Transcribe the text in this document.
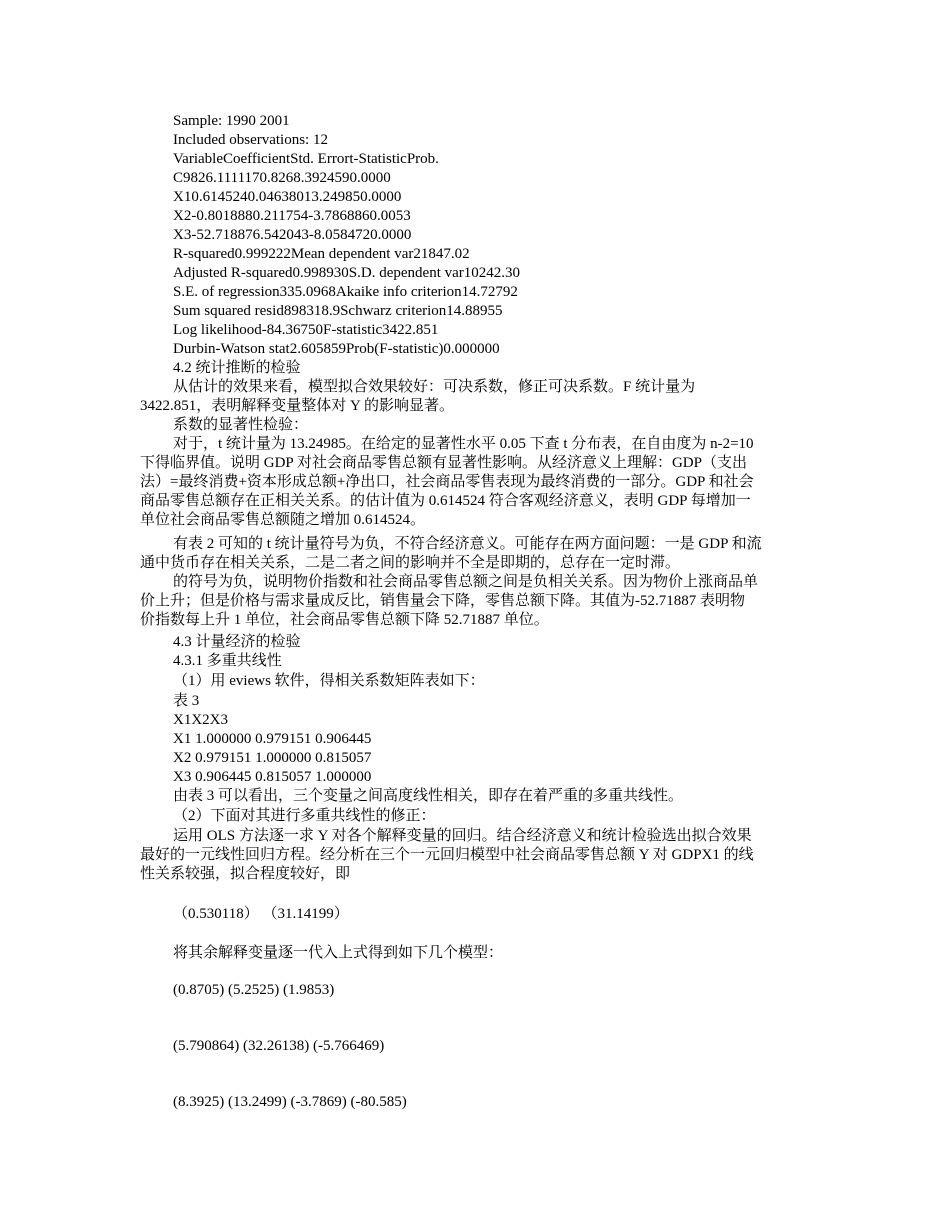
Sample: 1990 2001
Included observations: 12
VariableCoefficientStd. Errort-StatisticProb.
C9826.1111170.8268.3924590.0000
X10.6145240.04638013.249850.0000
X2-0.8018880.211754-3.7868860.0053
X3-52.718876.542043-8.0584720.0000
R-squared0.999222Mean dependent var21847.02
Adjusted R-squared0.998930S.D. dependent var10242.30
S.E. of regression335.0968Akaike info criterion14.72792
Sum squared resid898318.9Schwarz criterion14.88955
Log likelihood-84.36750F-statistic3422.851
Durbin-Watson stat2.605859Prob(F-statistic)0.000000
4.2 统计推断的检验
从估计的效果来看，模型拟合效果较好：可决系数，修正可决系数。F 统计量为
3422.851，表明解释变量整体对 Y 的影响显著。
系数的显著性检验：
对于，t 统计量为 13.24985。在给定的显著性水平 0.05 下查 t 分布表，在自由度为 n-2=10
下得临界值。说明 GDP 对社会商品零售总额有显著性影响。从经济意义上理解：GDP（支出
法）=最终消费+资本形成总额+净出口，社会商品零售表现为最终消费的一部分。GDP 和社会
商品零售总额存在正相关关系。的估计值为 0.614524 符合客观经济意义，表明 GDP 每增加一
单位社会商品零售总额随之增加 0.614524。
有表 2 可知的 t 统计量符号为负，不符合经济意义。可能存在两方面问题：一是 GDP 和流
通中货币存在相关关系，二是二者之间的影响并不全是即期的，总存在一定时滞。
的符号为负，说明物价指数和社会商品零售总额之间是负相关关系。因为物价上涨商品单
价上升；但是价格与需求量成反比，销售量会下降，零售总额下降。其值为-52.71887 表明物
价指数每上升 1 单位，社会商品零售总额下降 52.71887 单位。
4.3 计量经济的检验
4.3.1 多重共线性
（1）用 eviews 软件，得相关系数矩阵表如下：
表 3
X1X2X3
X1 1.000000 0.979151 0.906445
X2 0.979151 1.000000 0.815057
X3 0.906445 0.815057 1.000000
由表 3 可以看出，三个变量之间高度线性相关，即存在着严重的多重共线性。
（2）下面对其进行多重共线性的修正：
运用 OLS 方法逐一求 Y 对各个解释变量的回归。结合经济意义和统计检验选出拟合效果
最好的一元线性回归方程。经分析在三个一元回归模型中社会商品零售总额 Y 对 GDPX1 的线
性关系较强，拟合程度较好，即
（0.530118） （31.14199）
将其余解释变量逐一代入上式得到如下几个模型：
(0.8705) (5.2525) (1.9853)
(5.790864) (32.26138) (-5.766469)
(8.3925) (13.2499) (-3.7869) (-80.585)
